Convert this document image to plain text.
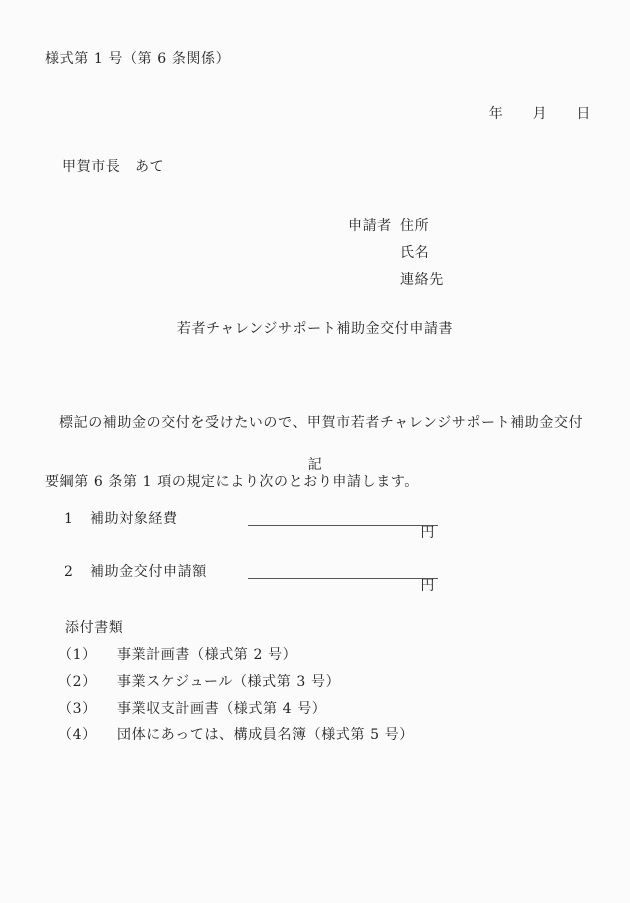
様式第 1 号（第 6 条関係）
年　　月　　日
甲賀市長　あて
申請者 住所
氏名
連絡先
若者チャレンジサポート補助金交付申請書

標記の補助金の交付を受けたいので、甲賀市若者チャレンジサポート補助金交付

要綱第 6 条第 1 項の規定により次のとおり申請します。

記
1 補助対象経費

円

2 補助金交付申請額

円

添付書類
（1） 事業計画書（様式第 2 号）
（2） 事業スケジュール（様式第 3 号）
（3） 事業収支計画書（様式第 4 号）
（4） 団体にあっては、構成員名簿（様式第 5 号）
